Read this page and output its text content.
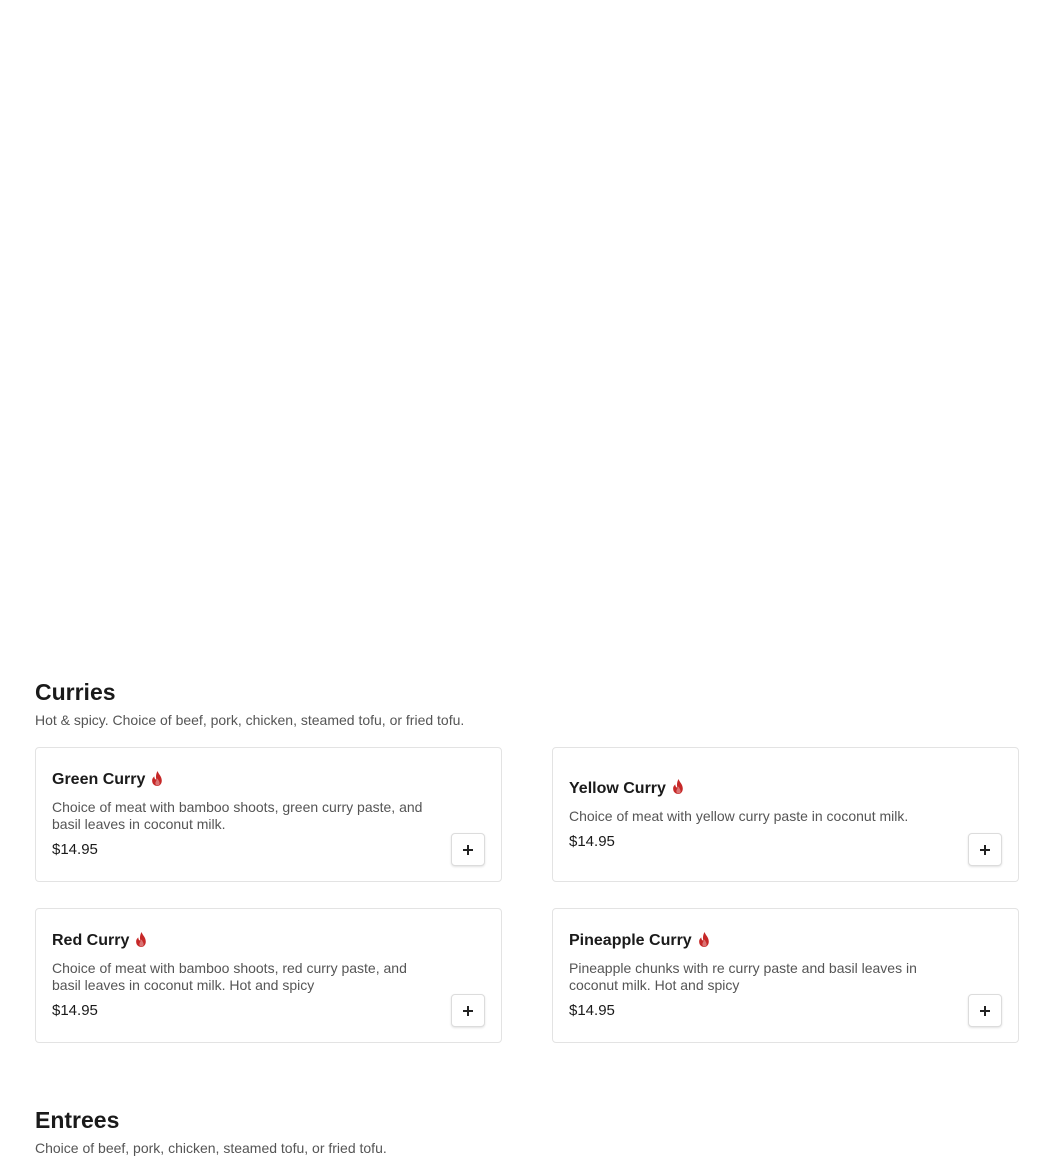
Curries

Hot & spicy. Choice of beef, pork, chicken, steamed tofu, or fried tofu.

Green Curry
Choice of meat with bamboo shoots, green curry paste, and basil leaves in coconut milk.
$14.95
Yellow Curry
Choice of meat with yellow curry paste in coconut milk.
$14.95
Red Curry
Choice of meat with bamboo shoots, red curry paste, and basil leaves in coconut milk. Hot and spicy
$14.95
Pineapple Curry
Pineapple chunks with re curry paste and basil leaves in coconut milk. Hot and spicy
$14.95
Entrees

Choice of beef, pork, chicken, steamed tofu, or fried tofu.
